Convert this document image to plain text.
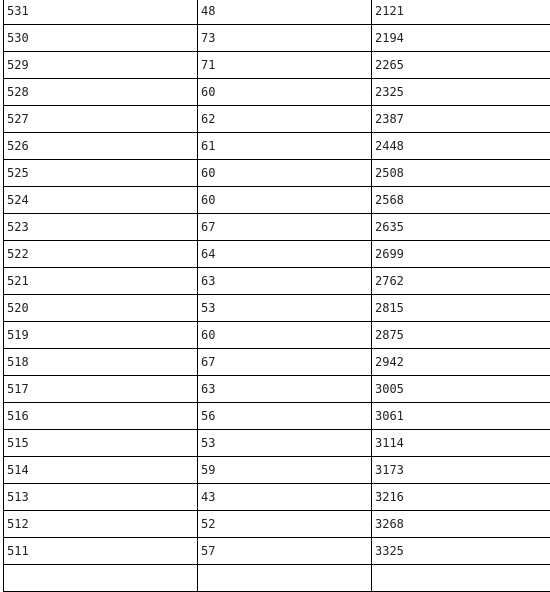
531	48	2121
530	73	2194
529	71	2265
528	60	2325
527	62	2387
526	61	2448
525	60	2508
524	60	2568
523	67	2635
522	64	2699
521	63	2762
520	53	2815
519	60	2875
518	67	2942
517	63	3005
516	56	3061
515	53	3114
514	59	3173
513	43	3216
512	52	3268
511	57	3325
